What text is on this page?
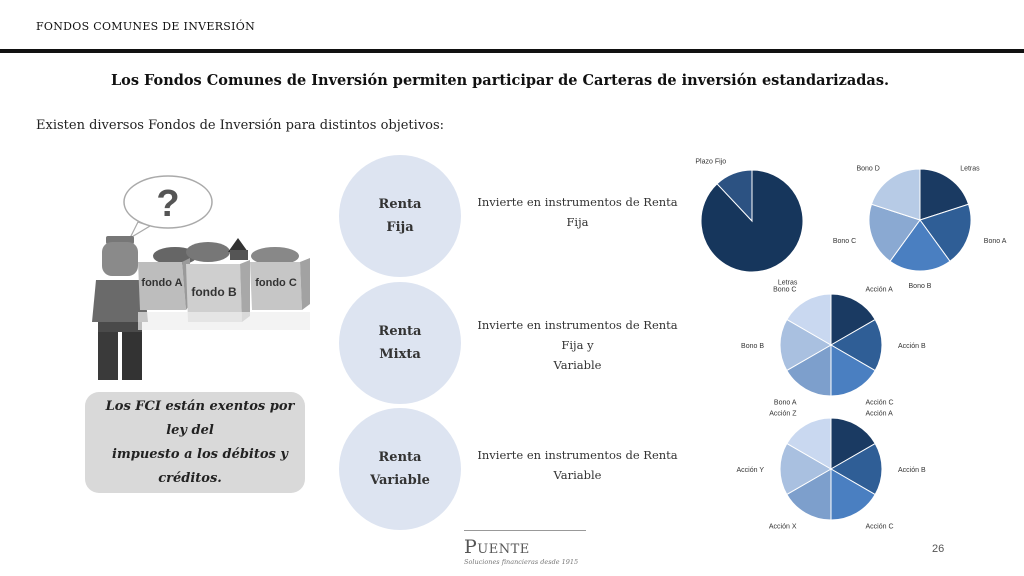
FONDOS COMUNES DE INVERSIÓN
Los Fondos Comunes de Inversión permiten participar de Carteras de inversión estandarizadas.
Existen diversos Fondos de Inversión para distintos objetivos:
?
fondo A
fondo B
fondo C
Renta
Fija
Invierte en instrumentos de Renta Fija
Renta
Mixta
Invierte en instrumentos de Renta Fija y
Variable
Renta
Variable
Invierte en instrumentos de Renta
Variable
Los FCI están exentos por ley del
impuesto a los débitos y créditos.
Letras
Plazo Fijo
Letras
Bono A
Bono B
Bono C
Bono D
Acción A
Acción B
Acción C
Bono A
Bono B
Bono C
Acción A
Acción B
Acción C
Acción X
Acción Y
Acción Z
Puente
Soluciones financieras desde 1915
26
